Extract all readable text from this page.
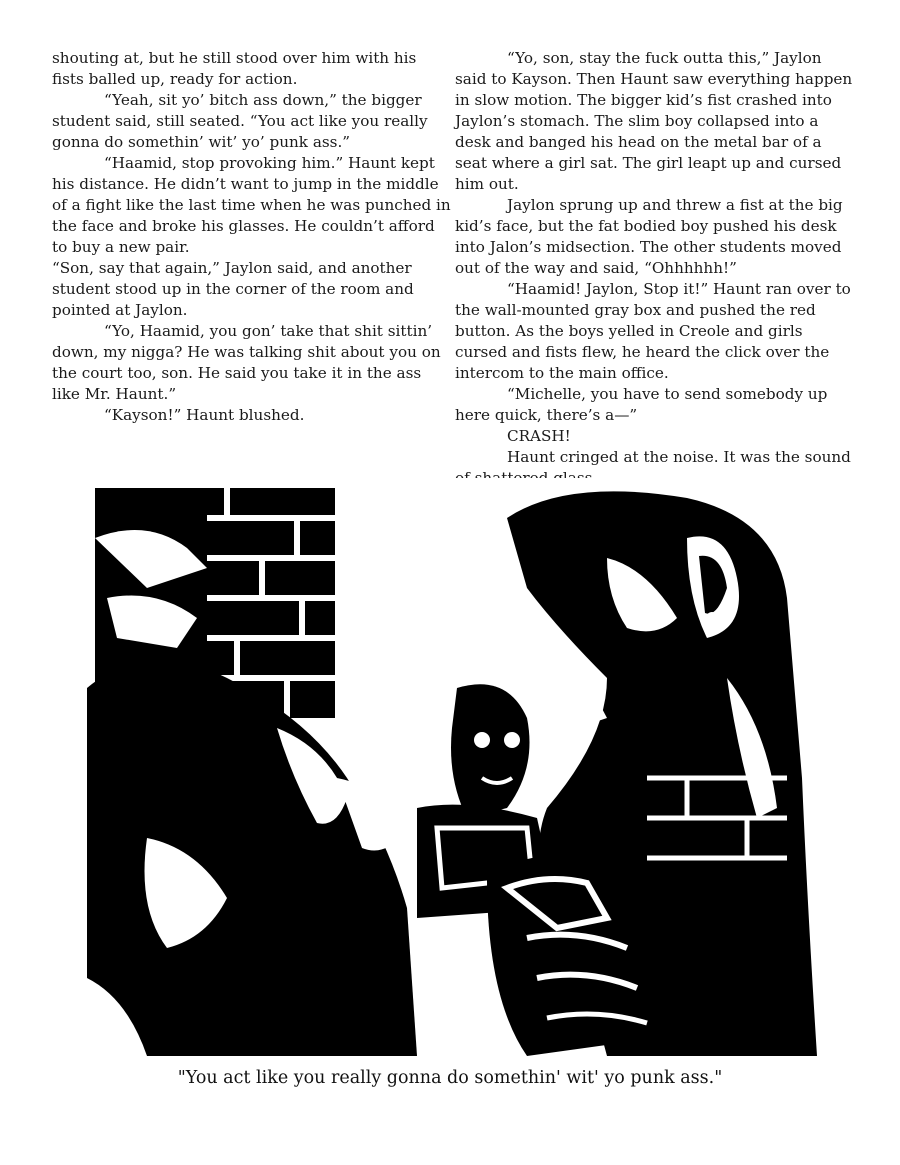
shouting at, but he still stood over him with his fists balled up, ready for action.

“Yeah, sit yo’ bitch ass down,” the bigger student said, still seated. “You act like you really gonna do somethin’ wit’ yo’ punk ass.”

“Haamid, stop provoking him.” Haunt kept his distance. He didn’t want to jump in the middle of a fight like the last time when he was punched in the face and broke his glasses. He couldn’t afford to buy a new pair.

“Son, say that again,” Jaylon said, and another student stood up in the corner of the room and pointed at Jaylon.

“Yo, Haamid, you gon’ take that shit sittin’ down, my nigga? He was talking shit about you on the court too, son. He said you take it in the ass like Mr. Haunt.”

“Kayson!” Haunt blushed.

“Yo, son, stay the fuck outta this,” Jaylon said to Kayson. Then Haunt saw everything happen in slow motion. The bigger kid’s fist crashed into Jaylon’s stomach. The slim boy collapsed into a desk and banged his head on the metal bar of a seat where a girl sat. The girl leapt up and cursed him out.

Jaylon sprung up and threw a fist at the big kid’s face, but the fat bodied boy pushed his desk into Jalon’s midsection. The other students moved out of the way and said, “Ohhhhhh!”

“Haamid! Jaylon, Stop it!” Haunt ran over to the wall-mounted gray box and pushed the red button. As the boys yelled in Creole and girls cursed and fists flew, he heard the click over the intercom to the main office.

“Michelle, you have to send somebody up here quick, there’s a—”

CRASH!

Haunt cringed at the noise. It was the sound

"You act like you really gonna do somethin' wit' yo punk ass."
